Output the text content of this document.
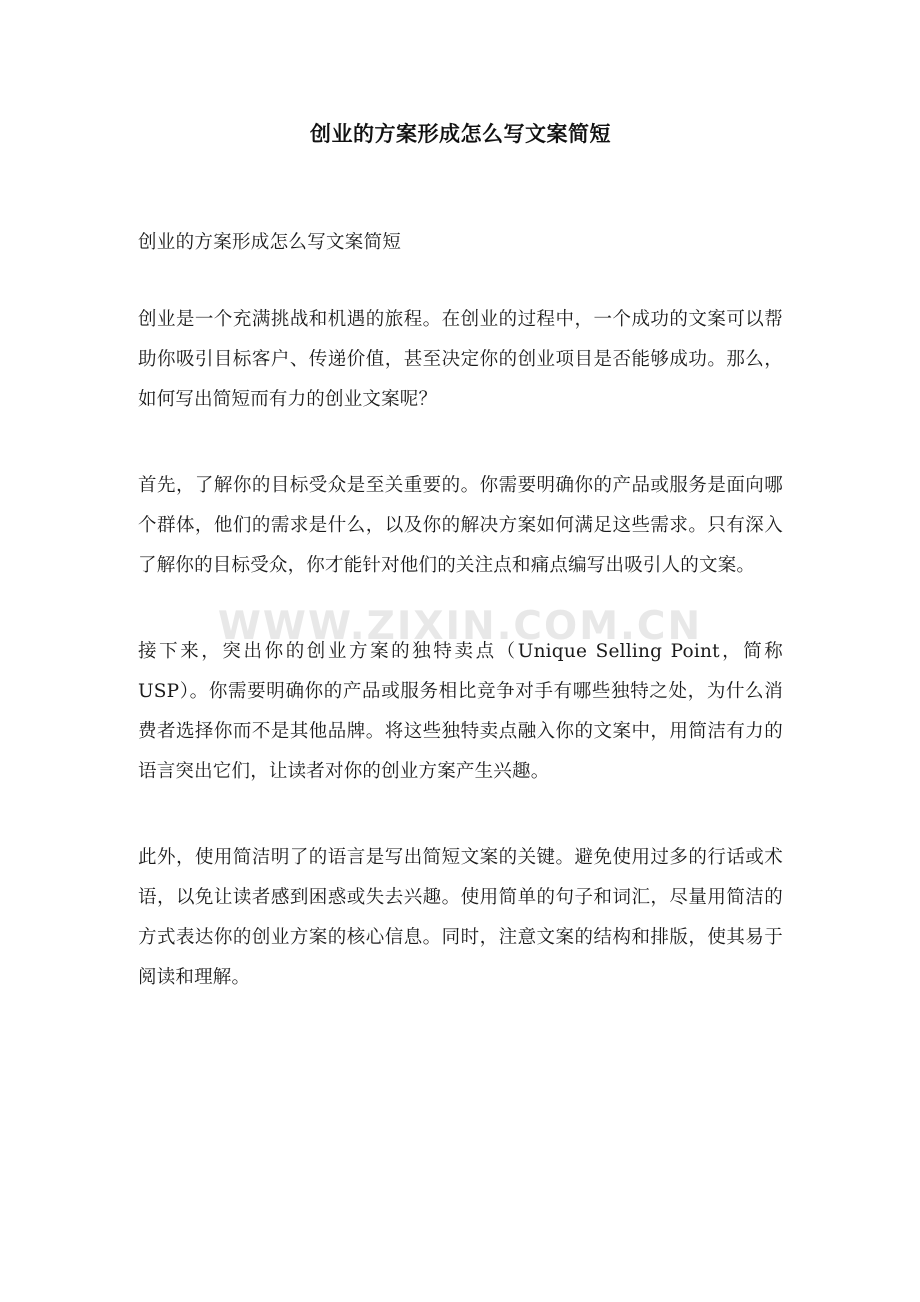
WWW.ZIXIN.COM.CN
创业的方案形成怎么写文案简短

创业的方案形成怎么写文案简短

创业是一个充满挑战和机遇的旅程。在创业的过程中，一个成功的文案可以帮助你吸引目标客户、传递价值，甚至决定你的创业项目是否能够成功。那么，如何写出简短而有力的创业文案呢？

首先，了解你的目标受众是至关重要的。你需要明确你的产品或服务是面向哪个群体，他们的需求是什么，以及你的解决方案如何满足这些需求。只有深入了解你的目标受众，你才能针对他们的关注点和痛点编写出吸引人的文案。

接下来，突出你的创业方案的独特卖点（Unique Selling Point，简称USP）。你需要明确你的产品或服务相比竞争对手有哪些独特之处，为什么消费者选择你而不是其他品牌。将这些独特卖点融入你的文案中，用简洁有力的语言突出它们，让读者对你的创业方案产生兴趣。

此外，使用简洁明了的语言是写出简短文案的关键。避免使用过多的行话或术语，以免让读者感到困惑或失去兴趣。使用简单的句子和词汇，尽量用简洁的方式表达你的创业方案的核心信息。同时，注意文案的结构和排版，使其易于阅读和理解。
